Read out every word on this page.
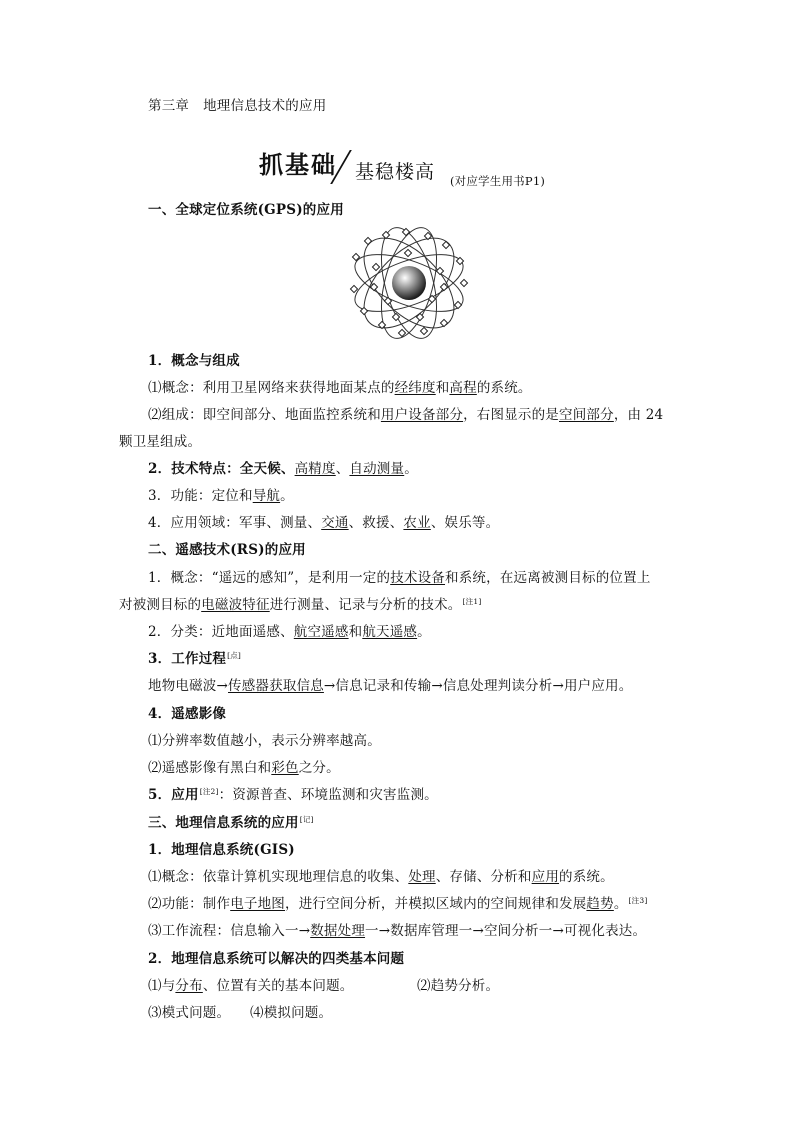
第三章 地理信息技术的应用
抓基础 基稳楼高 (对应学生用书P1)
一、全球定位系统(GPS)的应用
1．概念与组成
⑴概念：利用卫星网络来获得地面某点的经纬度和高程的系统。
⑵组成：即空间部分、地面监控系统和用户设备部分，右图显示的是空间部分，由 24
颗卫星组成。
2．技术特点：全天候、高精度、自动测量。
3．功能：定位和导航。
4．应用领域：军事、测量、交通、救援、农业、娱乐等。
二、遥感技术(RS)的应用
1．概念：“遥远的感知”，是利用一定的技术设备和系统，在远离被测目标的位置上
对被测目标的电磁波特征进行测量、记录与分析的技术。[注1]
2．分类：近地面遥感、航空遥感和航天遥感。
3．工作过程[点]
地物电磁波→传感器获取信息→信息记录和传输→信息处理判读分析→用户应用。
4．遥感影像
⑴分辨率数值越小，表示分辨率越高。
⑵遥感影像有黑白和彩色之分。
5．应用[注2]：资源普查、环境监测和灾害监测。
三、地理信息系统的应用[记]
1．地理信息系统(GIS)
⑴概念：依靠计算机实现地理信息的收集、处理、存储、分析和应用的系统。
⑵功能：制作电子地图，进行空间分析，并模拟区域内的空间规律和发展趋势。[注3]
⑶工作流程：信息输入一→数据处理一→数据库管理一→空间分析一→可视化表达。
2．地理信息系统可以解决的四类基本问题
⑴与分布、位置有关的基本问题。	⑵趋势分析。
⑶模式问题。 ⑷模拟问题。
